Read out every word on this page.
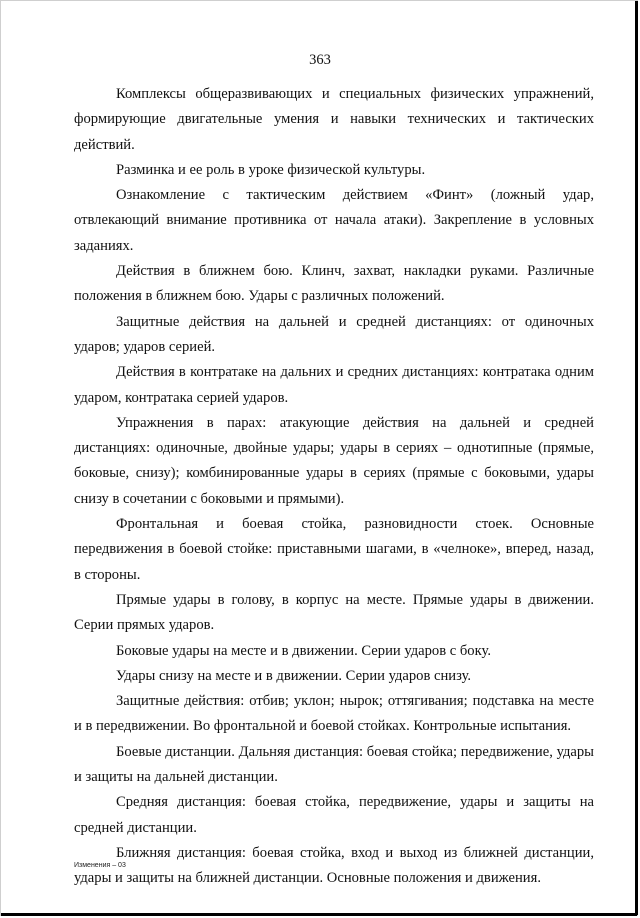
363

Комплексы общеразвивающих и специальных физических упражнений, формирующие двигательные умения и навыки технических и тактических действий.

Разминка и ее роль в уроке физической культуры.

Ознакомление с тактическим действием «Финт» (ложный удар, отвлекающий внимание противника от начала атаки). Закрепление в условных заданиях.

Действия в ближнем бою. Клинч, захват, накладки руками. Различные положения в ближнем бою. Удары с различных положений.

Защитные действия на дальней и средней дистанциях: от одиночных ударов; ударов серией.

Действия в контратаке на дальних и средних дистанциях: контратака одним ударом, контратака серией ударов.

Упражнения в парах: атакующие действия на дальней и средней дистанциях: одиночные, двойные удары; удары в сериях – однотипные (прямые, боковые, снизу); комбинированные удары в сериях (прямые с боковыми, удары снизу в сочетании с боковыми и прямыми).

Фронтальная и боевая стойка, разновидности стоек. Основные передвижения в боевой стойке: приставными шагами, в «челноке», вперед, назад, в стороны.

Прямые удары в голову, в корпус на месте. Прямые удары в движении. Серии прямых ударов.

Боковые удары на месте и в движении. Серии ударов с боку.

Удары снизу на месте и в движении. Серии ударов снизу.

Защитные действия: отбив; уклон; нырок; оттягивания; подставка на месте и в передвижении. Во фронтальной и боевой стойках. Контрольные испытания.

Боевые дистанции. Дальняя дистанция: боевая стойка; передвижение, удары и защиты на дальней дистанции.

Средняя дистанция: боевая стойка, передвижение, удары и защиты на средней дистанции.

Ближняя дистанция: боевая стойка, вход и выход из ближней дистанции, удары и защиты на ближней дистанции. Основные положения и движения.

Изменения – 03
